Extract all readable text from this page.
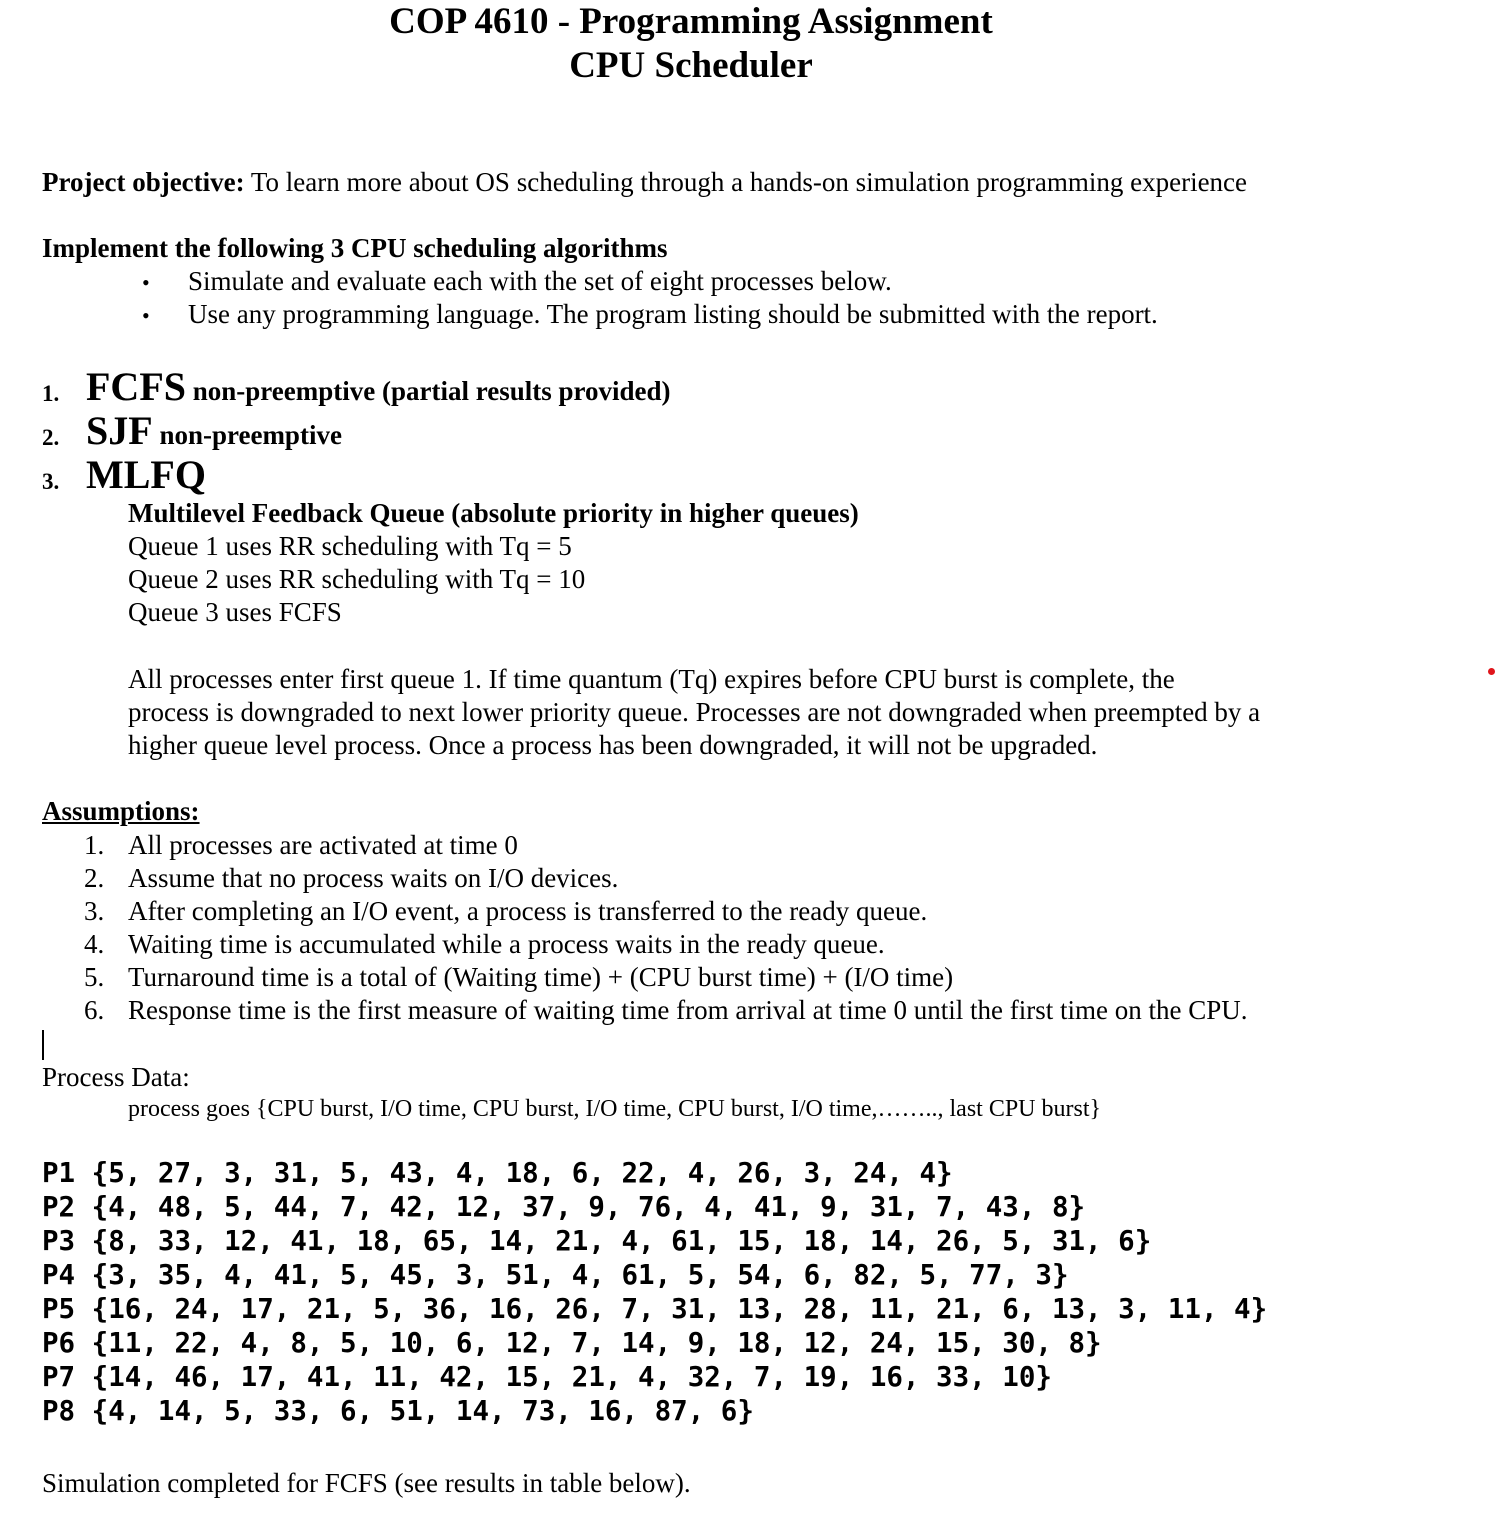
COP 4610 - Programming Assignment
CPU Scheduler
Project objective: To learn more about OS scheduling through a hands-on simulation programming experience
Implement the following 3 CPU scheduling algorithms
• Simulate and evaluate each with the set of eight processes below.
• Use any programming language. The program listing should be submitted with the report.
1. FCFS non-preemptive (partial results provided)
2. SJF non-preemptive
3. MLFQ
Multilevel Feedback Queue (absolute priority in higher queues)
Queue 1 uses RR scheduling with Tq = 5
Queue 2 uses RR scheduling with Tq = 10
Queue 3 uses FCFS
All processes enter first queue 1. If time quantum (Tq) expires before CPU burst is complete, the
process is downgraded to next lower priority queue. Processes are not downgraded when preempted by a
higher queue level process. Once a process has been downgraded, it will not be upgraded.
Assumptions:
1. All processes are activated at time 0
2. Assume that no process waits on I/O devices.
3. After completing an I/O event, a process is transferred to the ready queue.
4. Waiting time is accumulated while a process waits in the ready queue.
5. Turnaround time is a total of (Waiting time) + (CPU burst time) + (I/O time)
6. Response time is the first measure of waiting time from arrival at time 0 until the first time on the CPU.
Process Data:
process goes {CPU burst, I/O time, CPU burst, I/O time, CPU burst, I/O time,…….., last CPU burst}
P1 {5, 27, 3, 31, 5, 43, 4, 18, 6, 22, 4, 26, 3, 24, 4}
P2 {4, 48, 5, 44, 7, 42, 12, 37, 9, 76, 4, 41, 9, 31, 7, 43, 8}
P3 {8, 33, 12, 41, 18, 65, 14, 21, 4, 61, 15, 18, 14, 26, 5, 31, 6}
P4 {3, 35, 4, 41, 5, 45, 3, 51, 4, 61, 5, 54, 6, 82, 5, 77, 3}
P5 {16, 24, 17, 21, 5, 36, 16, 26, 7, 31, 13, 28, 11, 21, 6, 13, 3, 11, 4}
P6 {11, 22, 4, 8, 5, 10, 6, 12, 7, 14, 9, 18, 12, 24, 15, 30, 8}
P7 {14, 46, 17, 41, 11, 42, 15, 21, 4, 32, 7, 19, 16, 33, 10}
P8 {4, 14, 5, 33, 6, 51, 14, 73, 16, 87, 6}
Simulation completed for FCFS (see results in table below).
